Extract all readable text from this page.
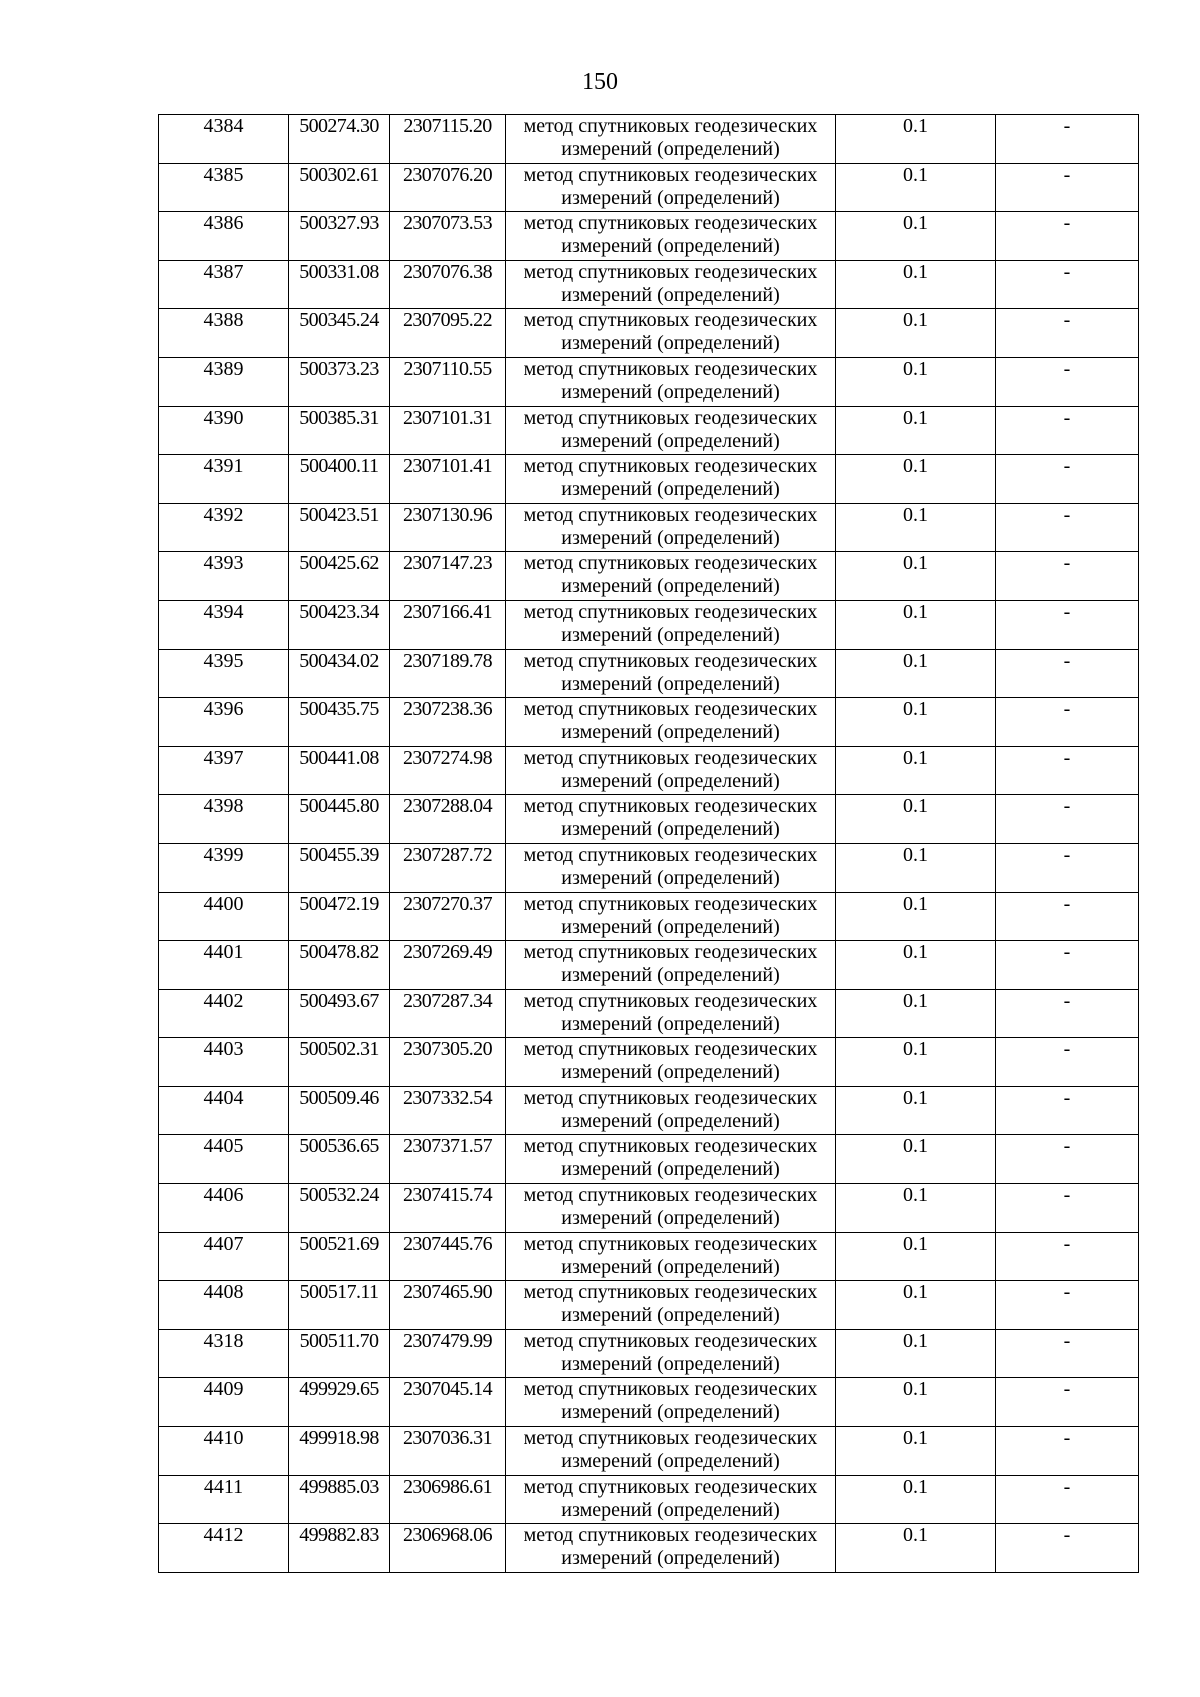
150
4384	500274.30	2307115.20	метод спутниковых геодезических измерений (определений)	0.1	-
4385	500302.61	2307076.20	метод спутниковых геодезических измерений (определений)	0.1	-
4386	500327.93	2307073.53	метод спутниковых геодезических измерений (определений)	0.1	-
4387	500331.08	2307076.38	метод спутниковых геодезических измерений (определений)	0.1	-
4388	500345.24	2307095.22	метод спутниковых геодезических измерений (определений)	0.1	-
4389	500373.23	2307110.55	метод спутниковых геодезических измерений (определений)	0.1	-
4390	500385.31	2307101.31	метод спутниковых геодезических измерений (определений)	0.1	-
4391	500400.11	2307101.41	метод спутниковых геодезических измерений (определений)	0.1	-
4392	500423.51	2307130.96	метод спутниковых геодезических измерений (определений)	0.1	-
4393	500425.62	2307147.23	метод спутниковых геодезических измерений (определений)	0.1	-
4394	500423.34	2307166.41	метод спутниковых геодезических измерений (определений)	0.1	-
4395	500434.02	2307189.78	метод спутниковых геодезических измерений (определений)	0.1	-
4396	500435.75	2307238.36	метод спутниковых геодезических измерений (определений)	0.1	-
4397	500441.08	2307274.98	метод спутниковых геодезических измерений (определений)	0.1	-
4398	500445.80	2307288.04	метод спутниковых геодезических измерений (определений)	0.1	-
4399	500455.39	2307287.72	метод спутниковых геодезических измерений (определений)	0.1	-
4400	500472.19	2307270.37	метод спутниковых геодезических измерений (определений)	0.1	-
4401	500478.82	2307269.49	метод спутниковых геодезических измерений (определений)	0.1	-
4402	500493.67	2307287.34	метод спутниковых геодезических измерений (определений)	0.1	-
4403	500502.31	2307305.20	метод спутниковых геодезических измерений (определений)	0.1	-
4404	500509.46	2307332.54	метод спутниковых геодезических измерений (определений)	0.1	-
4405	500536.65	2307371.57	метод спутниковых геодезических измерений (определений)	0.1	-
4406	500532.24	2307415.74	метод спутниковых геодезических измерений (определений)	0.1	-
4407	500521.69	2307445.76	метод спутниковых геодезических измерений (определений)	0.1	-
4408	500517.11	2307465.90	метод спутниковых геодезических измерений (определений)	0.1	-
4318	500511.70	2307479.99	метод спутниковых геодезических измерений (определений)	0.1	-
4409	499929.65	2307045.14	метод спутниковых геодезических измерений (определений)	0.1	-
4410	499918.98	2307036.31	метод спутниковых геодезических измерений (определений)	0.1	-
4411	499885.03	2306986.61	метод спутниковых геодезических измерений (определений)	0.1	-
4412	499882.83	2306968.06	метод спутниковых геодезических измерений (определений)	0.1	-
